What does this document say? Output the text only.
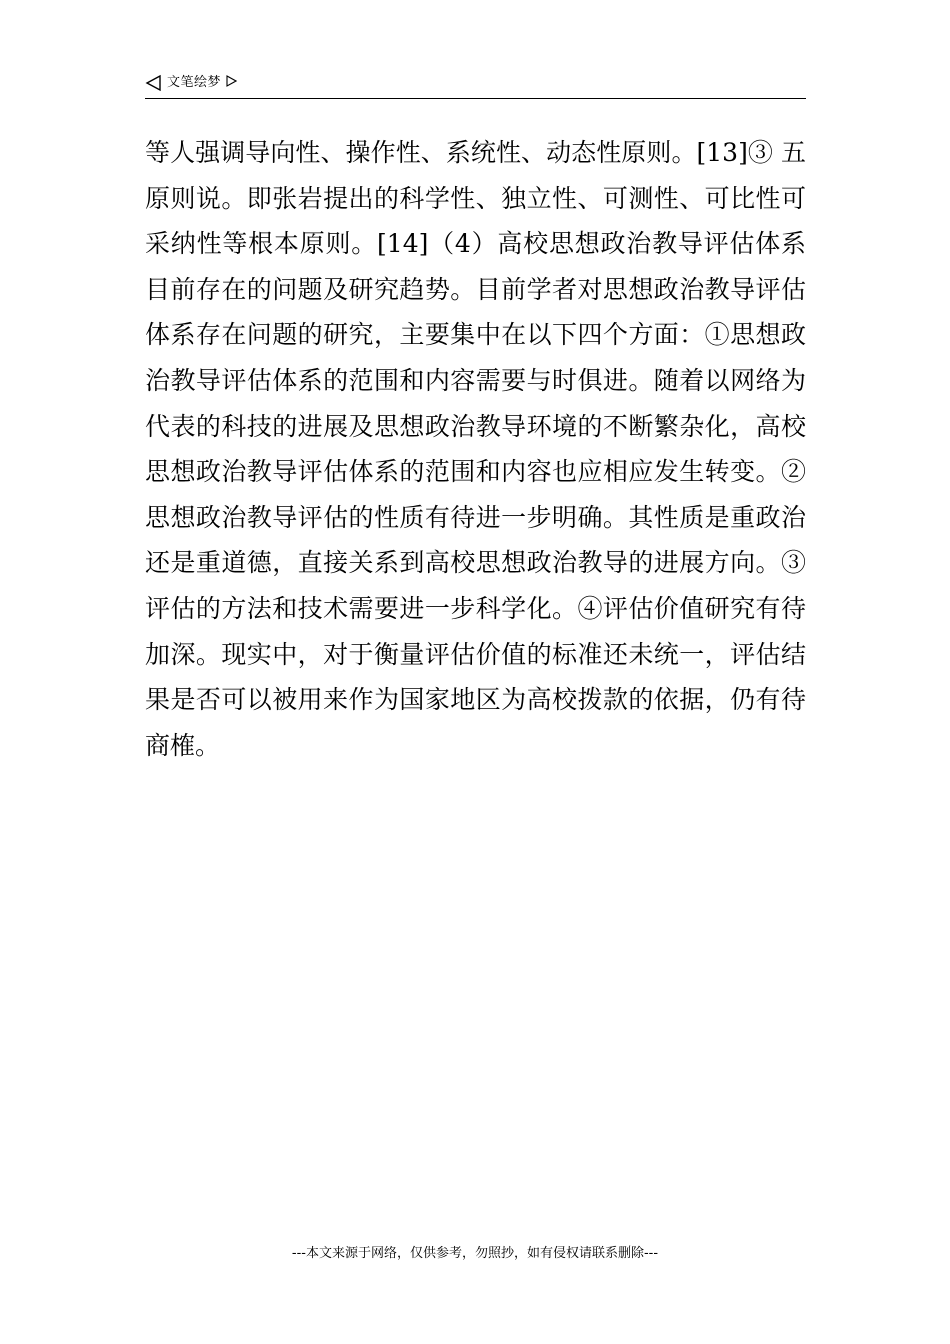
文笔绘梦

等人强调导向性、操作性、系统性、动态性原则。[13]③ 五原则说。即张岩提出的科学性、独立性、可测性、可比性可采纳性等根本原则。[14]（4）高校思想政治教导评估体系目前存在的问题及研究趋势。目前学者对思想政治教导评估体系存在问题的研究，主要集中在以下四个方面：①思想政治教导评估体系的范围和内容需要与时俱进。随着以网络为代表的科技的进展及思想政治教导环境的不断繁杂化，高校思想政治教导评估体系的范围和内容也应相应发生转变。②思想政治教导评估的性质有待进一步明确。其性质是重政治还是重道德，直接关系到高校思想政治教导的进展方向。③评估的方法和技术需要进一步科学化。④评估价值研究有待加深。现实中，对于衡量评估价值的标准还未统一，评估结果是否可以被用来作为国家地区为高校拨款的依据，仍有待商榷。

---本文来源于网络，仅供参考，勿照抄，如有侵权请联系删除---
